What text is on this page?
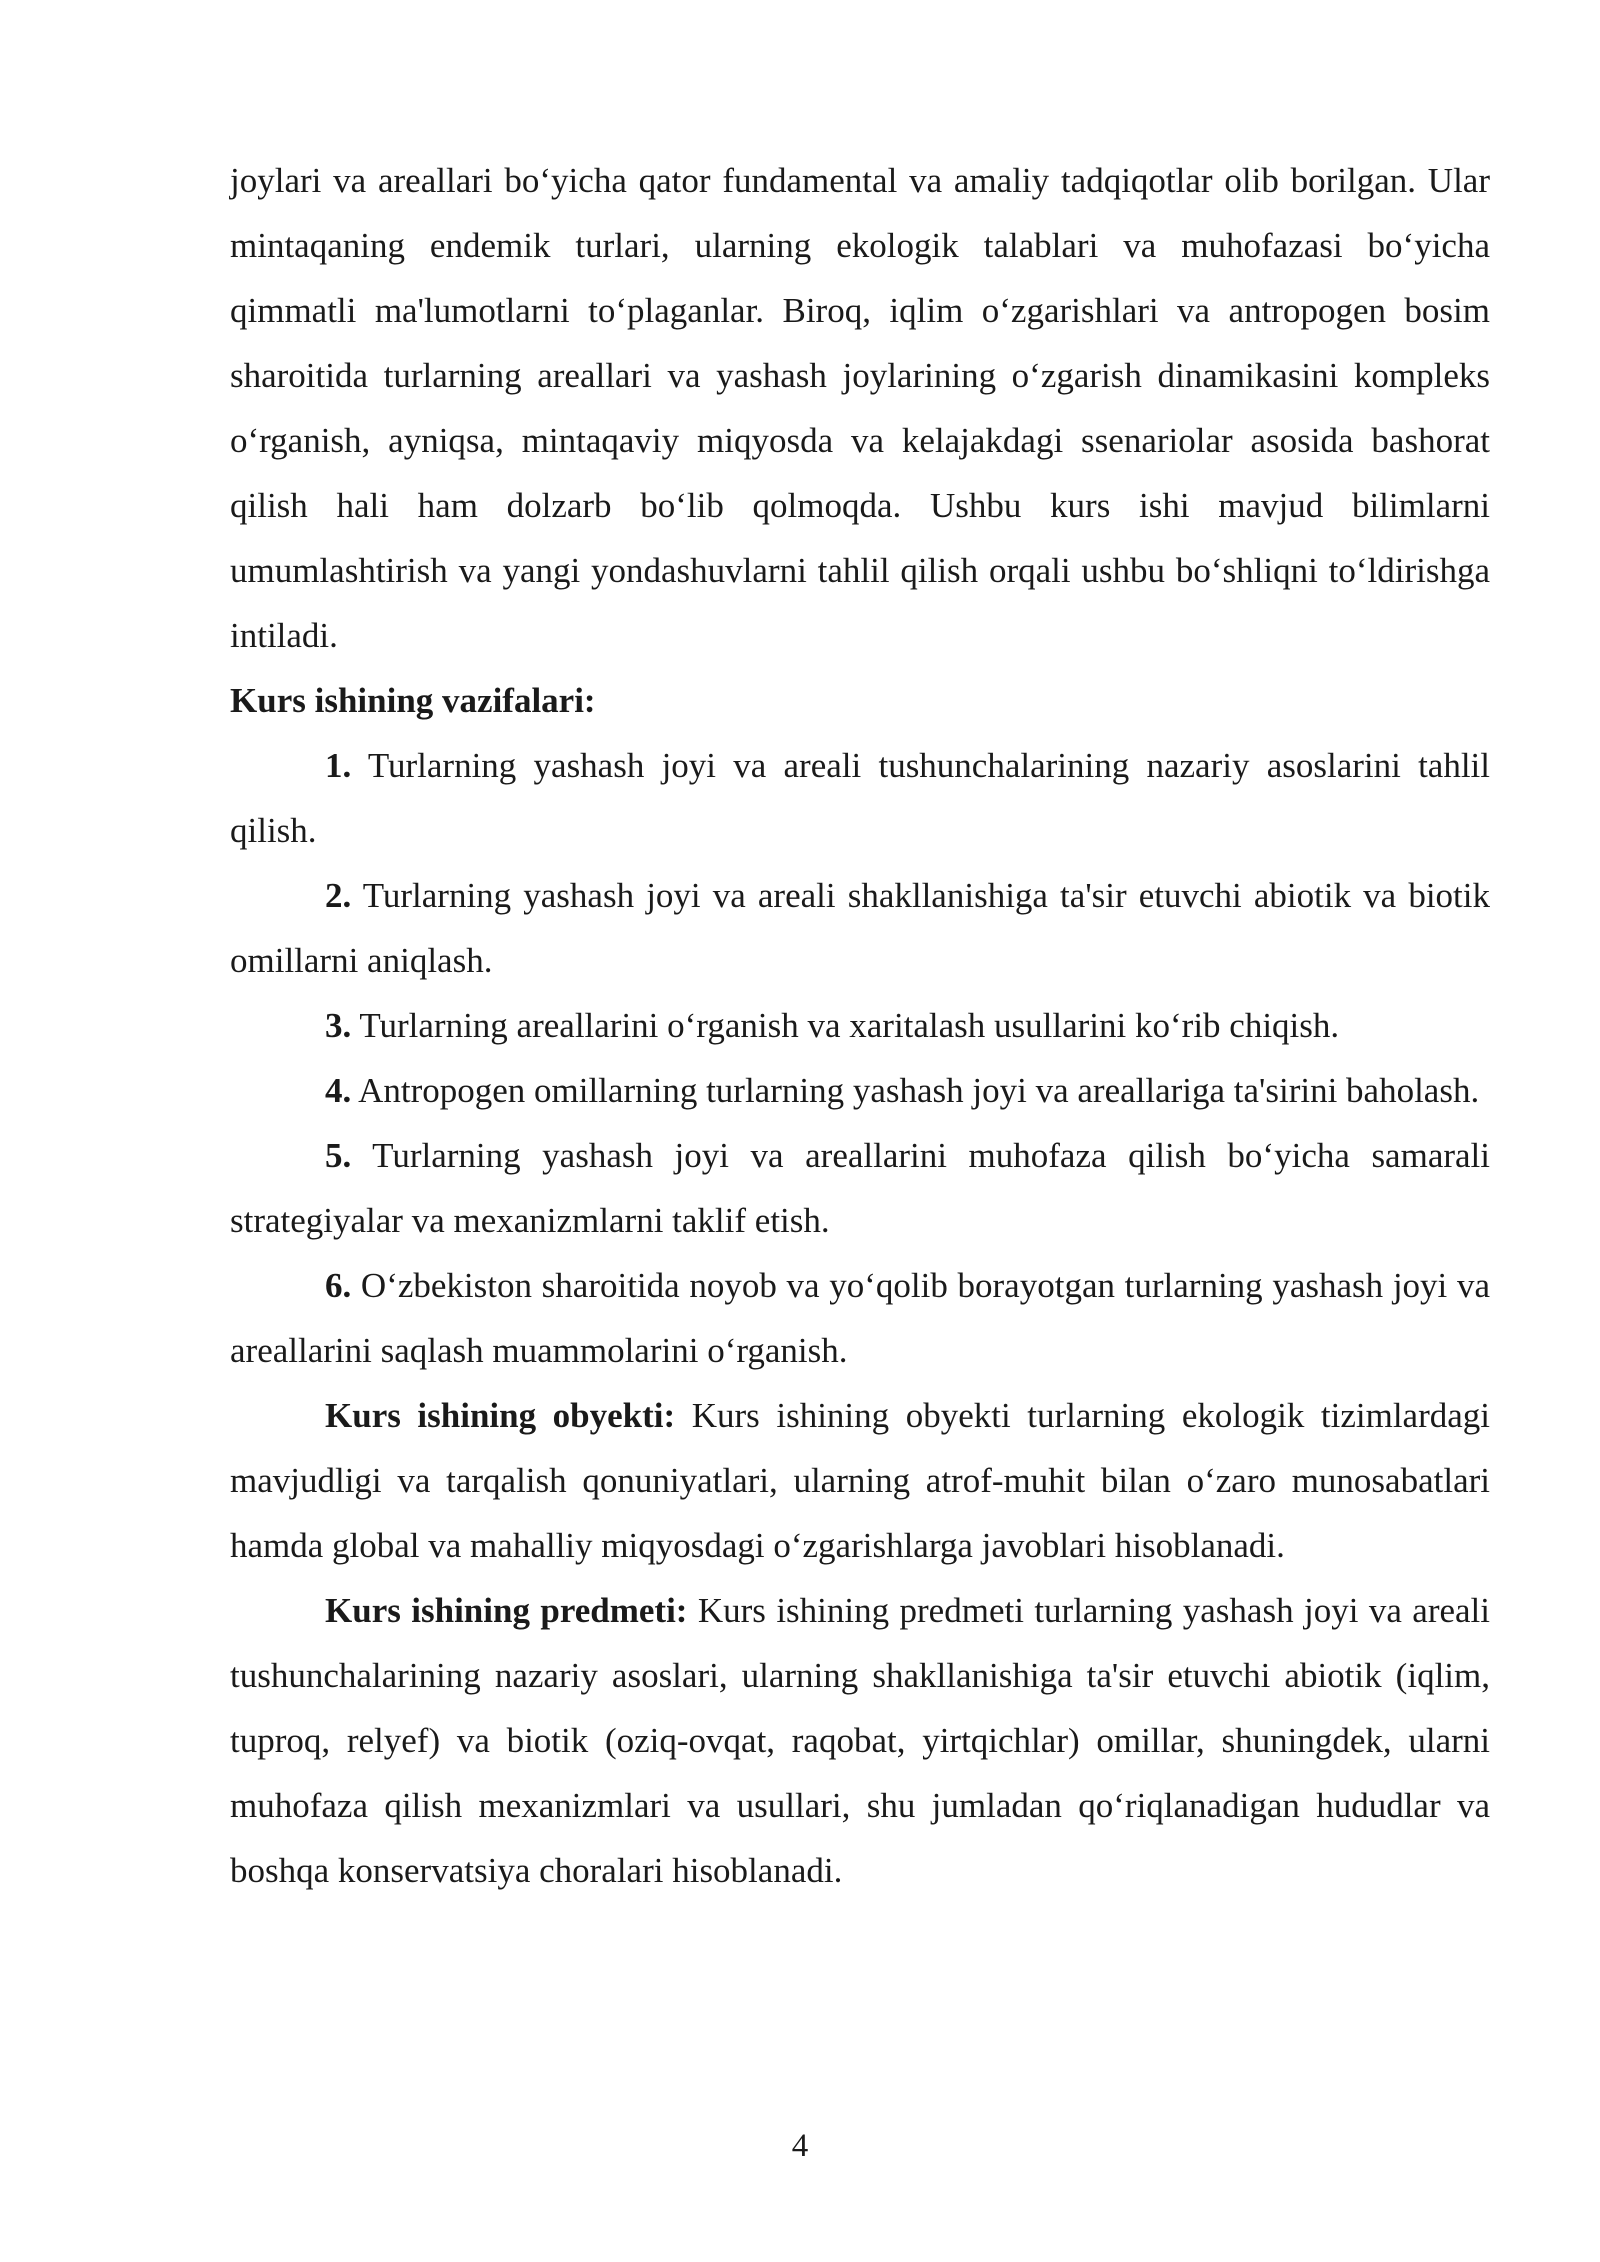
joylari va areallari bo‘yicha qator fundamental va amaliy tadqiqotlar olib borilgan. Ular mintaqaning endemik turlari, ularning ekologik talablari va muhofazasi bo‘yicha qimmatli ma'lumotlarni to‘plaganlar. Biroq, iqlim o‘zgarishlari va antropogen bosim sharoitida turlarning areallari va yashash joylarining o‘zgarish dinamikasini kompleks o‘rganish, ayniqsa, mintaqaviy miqyosda va kelajakdagi ssenariolar asosida bashorat qilish hali ham dolzarb bo‘lib qolmoqda. Ushbu kurs ishi mavjud bilimlarni umumlashtirish va yangi yondashuvlarni tahlil qilish orqali ushbu bo‘shliqni to‘ldirishga intiladi.

Kurs ishining vazifalari:

1. Turlarning yashash joyi va areali tushunchalarining nazariy asoslarini tahlil qilish.

2. Turlarning yashash joyi va areali shakllanishiga ta'sir etuvchi abiotik va biotik omillarni aniqlash.

3. Turlarning areallarini o‘rganish va xaritalash usullarini ko‘rib chiqish.

4. Antropogen omillarning turlarning yashash joyi va areallariga ta'sirini baholash.

5. Turlarning yashash joyi va areallarini muhofaza qilish bo‘yicha samarali strategiyalar va mexanizmlarni taklif etish.

6. O‘zbekiston sharoitida noyob va yo‘qolib borayotgan turlarning yashash joyi va areallarini saqlash muammolarini o‘rganish.

Kurs ishining obyekti: Kurs ishining obyekti turlarning ekologik tizimlardagi mavjudligi va tarqalish qonuniyatlari, ularning atrof-muhit bilan o‘zaro munosabatlari hamda global va mahalliy miqyosdagi o‘zgarishlarga javoblari hisoblanadi.

Kurs ishining predmeti: Kurs ishining predmeti turlarning yashash joyi va areali tushunchalarining nazariy asoslari, ularning shakllanishiga ta'sir etuvchi abiotik (iqlim, tuproq, relyef) va biotik (oziq-ovqat, raqobat, yirtqichlar) omillar, shuningdek, ularni muhofaza qilish mexanizmlari va usullari, shu jumladan qo‘riqlanadigan hududlar va boshqa konservatsiya choralari hisoblanadi.

4
